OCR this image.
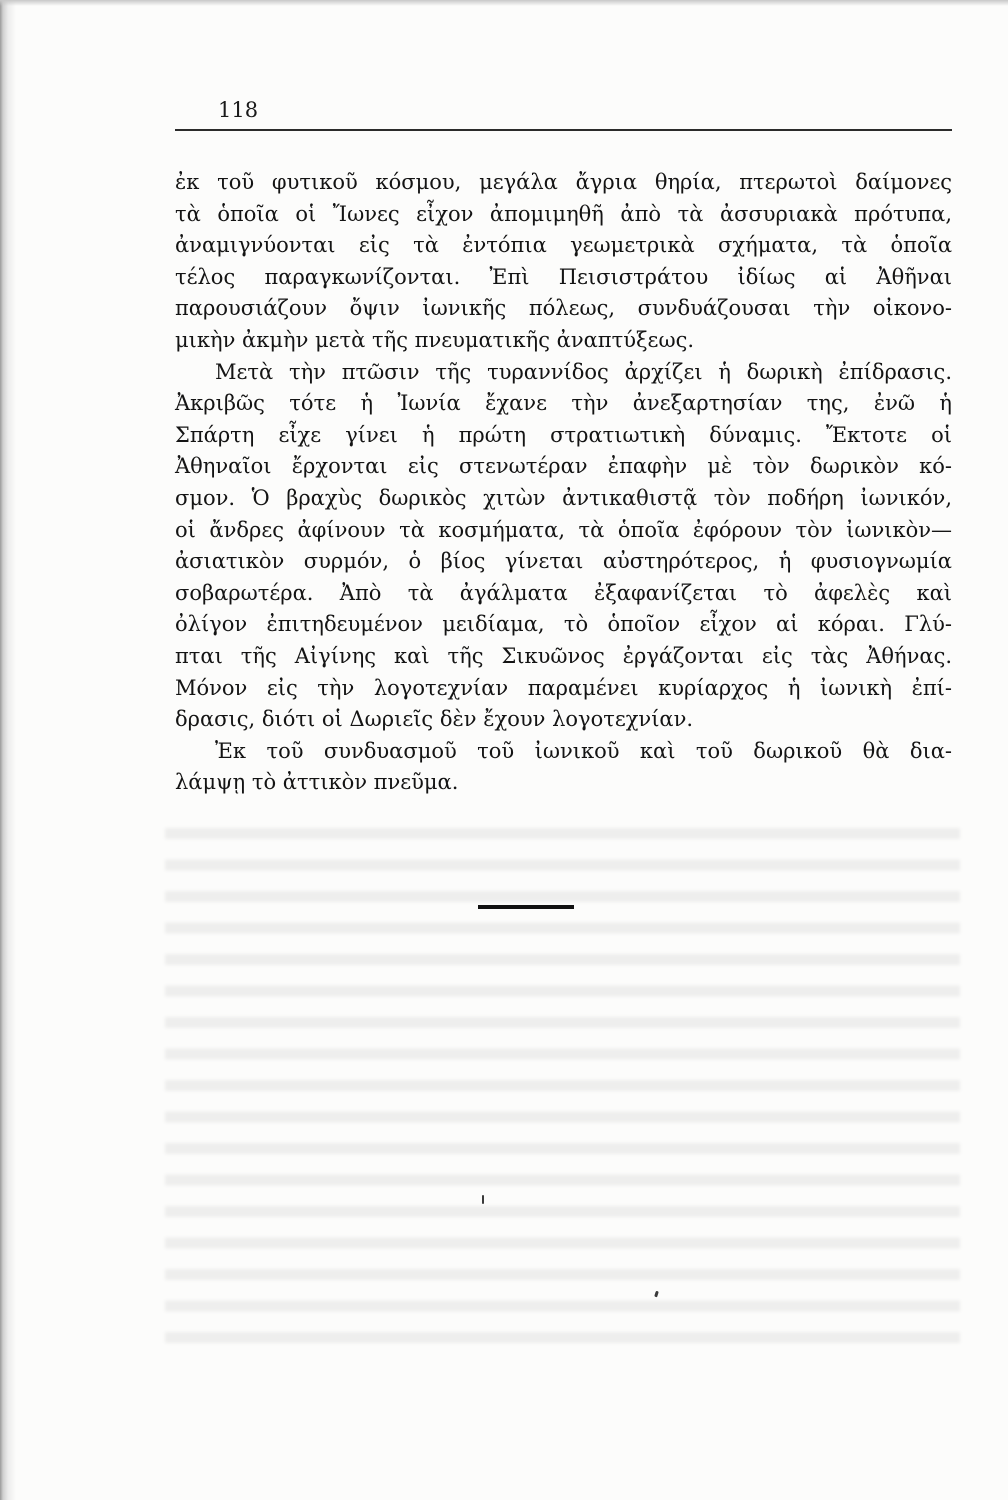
118

ἐκ τοῦ φυτικοῦ κόσμου, μεγάλα ἄγρια θηρία, πτερωτοὶ δαίμονες
τὰ ὁποῖα οἱ Ἴωνες εἶχον ἀπομιμηθῆ ἀπὸ τὰ ἀσσυριακὰ πρότυπα,
ἀναμιγνύονται εἰς τὰ ἐντόπια γεωμετρικὰ σχήματα, τὰ ὁποῖα
τέλος παραγκωνίζονται. Ἐπὶ Πεισιστράτου ἰδίως αἱ Ἀθῆναι
παρουσιάζουν ὄψιν ἰωνικῆς πόλεως, συνδυάζουσαι τὴν οἰκονο-
μικὴν ἀκμὴν μετὰ τῆς πνευματικῆς ἀναπτύξεως.

Μετὰ τὴν πτῶσιν τῆς τυραννίδος ἀρχίζει ἡ δωρικὴ ἐπίδρασις.
Ἀκριβῶς τότε ἡ Ἰωνία ἔχανε τὴν ἀνεξαρτησίαν της, ἐνῶ ἡ
Σπάρτη εἶχε γίνει ἡ πρώτη στρατιωτικὴ δύναμις. Ἔκτοτε οἱ
Ἀθηναῖοι ἔρχονται εἰς στενωτέραν ἐπαφὴν μὲ τὸν δωρικὸν κό-
σμον. Ὁ βραχὺς δωρικὸς χιτὼν ἀντικαθιστᾷ τὸν ποδήρη ἰωνικόν,
οἱ ἄνδρες ἀφίνουν τὰ κοσμήματα, τὰ ὁποῖα ἐφόρουν τὸν ἰωνικὸν—
ἀσιατικὸν συρμόν, ὁ βίος γίνεται αὐστηρότερος, ἡ φυσιογνωμία
σοβαρωτέρα. Ἀπὸ τὰ ἀγάλματα ἐξαφανίζεται τὸ ἀφελὲς καὶ
ὀλίγον ἐπιτηδευμένον μειδίαμα, τὸ ὁποῖον εἶχον αἱ κόραι. Γλύ-
πται τῆς Αἰγίνης καὶ τῆς Σικυῶνος ἐργάζονται εἰς τὰς Ἀθήνας.
Μόνον εἰς τὴν λογοτεχνίαν παραμένει κυρίαρχος ἡ ἰωνικὴ ἐπί-
δρασις, διότι οἱ Δωριεῖς δὲν ἔχουν λογοτεχνίαν.

Ἐκ τοῦ συνδυασμοῦ τοῦ ἰωνικοῦ καὶ τοῦ δωρικοῦ θὰ δια-
λάμψῃ τὸ ἀττικὸν πνεῦμα.
